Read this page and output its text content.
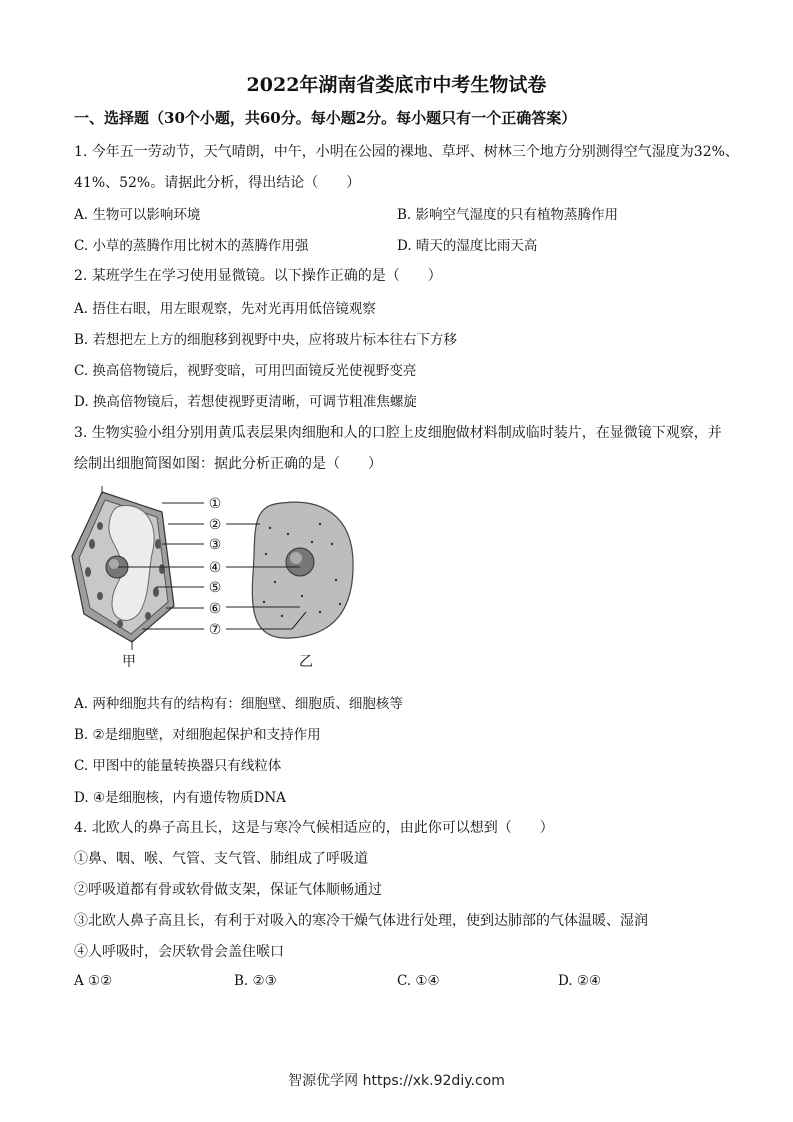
2022年湖南省娄底市中考生物试卷
一、选择题（30个小题，共60分。每小题2分。每小题只有一个正确答案）
1. 今年五一劳动节，天气晴朗，中午，小明在公园的裸地、草坪、树林三个地方分别测得空气湿度为32%、
41%、52%。请据此分析，得出结论（　　）
A. 生物可以影响环境	B. 影响空气湿度的只有植物蒸腾作用
C. 小草的蒸腾作用比树木的蒸腾作用强	D. 晴天的湿度比雨天高
2. 某班学生在学习使用显微镜。以下操作正确的是（　　）
A. 捂住右眼，用左眼观察，先对光再用低倍镜观察
B. 若想把左上方的细胞移到视野中央，应将玻片标本往右下方移
C. 换高倍物镜后，视野变暗，可用凹面镜反光使视野变亮
D. 换高倍物镜后，若想使视野更清晰，可调节粗准焦螺旋
3. 生物实验小组分别用黄瓜表层果肉细胞和人的口腔上皮细胞做材料制成临时装片，在显微镜下观察，并
绘制出细胞简图如图：据此分析正确的是（　　）
①
②
③
④
⑤
⑥
⑦
甲	乙
A. 两种细胞共有的结构有：细胞壁、细胞质、细胞核等
B. ②是细胞壁，对细胞起保护和支持作用
C. 甲图中的能量转换器只有线粒体
D. ④是细胞核，内有遗传物质DNA
4. 北欧人的鼻子高且长，这是与寒冷气候相适应的，由此你可以想到（　　）
①鼻、咽、喉、气管、支气管、肺组成了呼吸道
②呼吸道都有骨或软骨做支架，保证气体顺畅通过
③北欧人鼻子高且长，有利于对吸入的寒冷干燥气体进行处理，使到达肺部的气体温暖、湿润
④人呼吸时，会厌软骨会盖住喉口
A ①②	B. ②③	C. ①④	D. ②④
智源优学网 https://xk.92diy.com
